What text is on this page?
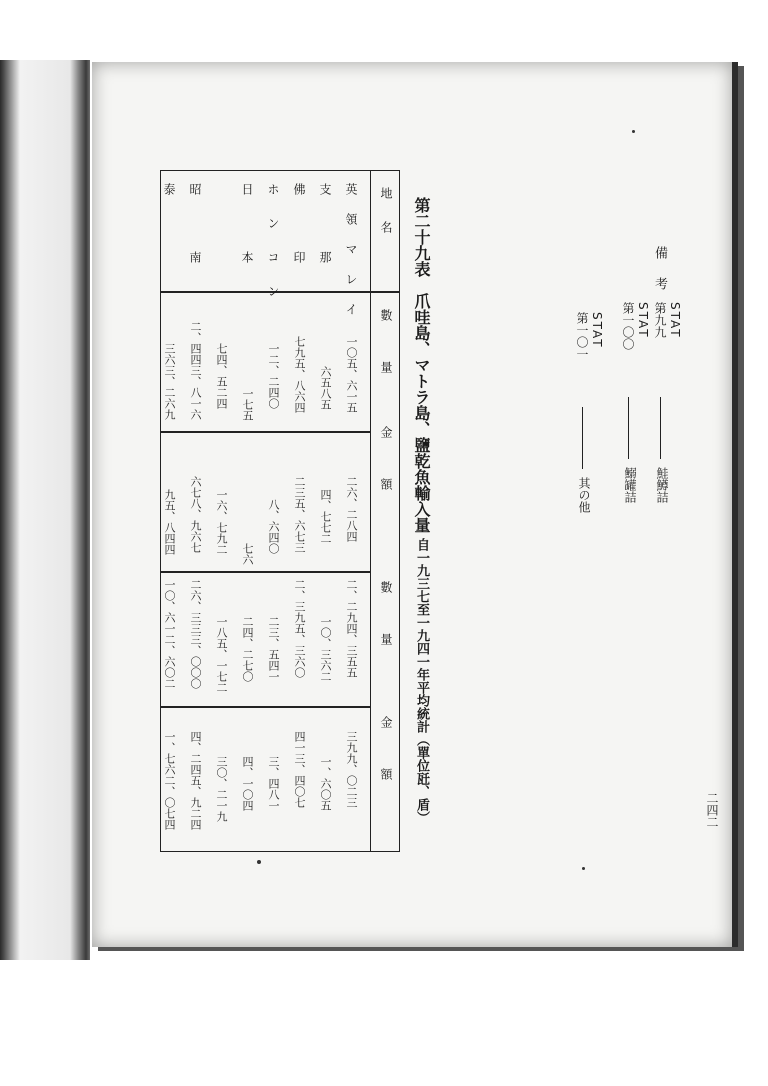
備考
STAT
第九九
鮭鱒詰
STAT
第一〇〇
鰯罐詰
STAT
第一〇一
其の他
二四二
第二十九表　爪哇島、マトラ島、鹽乾魚輸入量
自一九三七至一九四一年平均統計（單位瓩、盾）
地名
數量
金額
數量
金額
英領マレイ
支那
佛印
ホンコン
日本
昭南
泰
一〇五、六一五
六五八五
七九五、八六四
一二、二四〇
一七五
七四、五二四
二、四四三、八一六
三六三、二六九
二六、二八四
四、七七二
二三五、六七三
八、六四〇
七六
一六、七九二
六七八、九六七
九五、八四四
二、二九四、三五五
一〇、三六二
二、三九五、三六〇
二三、五四一
二四、二七〇
一八五、一七二
二六、三三三、〇〇〇
一〇、六一二、六〇二
三九九、〇二三
一、六〇五
四一三、四〇七
三、四八一
四、一〇四
三〇、二一九
四、二四五、九二四
一、七六二、〇七四
